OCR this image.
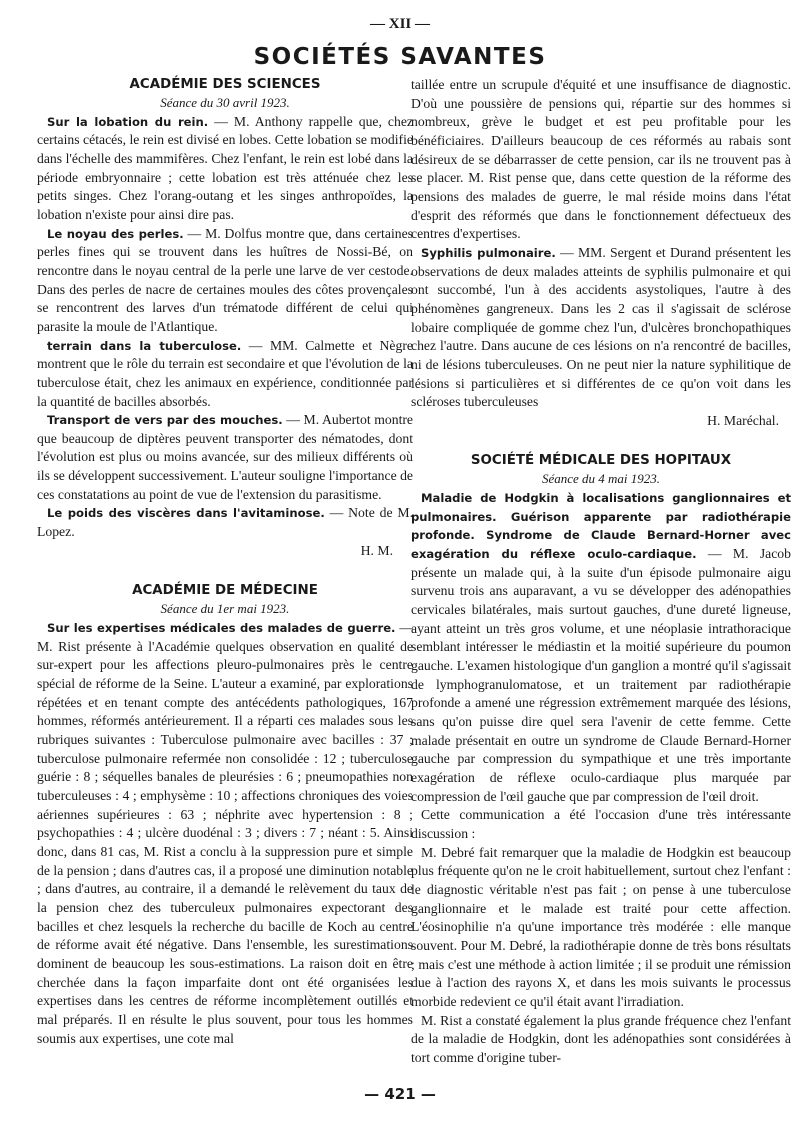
— XII —
SOCIÉTÉS SAVANTES

ACADÉMIE DES SCIENCES

Séance du 30 avril 1923.

Sur la lobation du rein. — M. Anthony rappelle que, chez certains cétacés, le rein est divisé en lobes. Cette lobation se modifie dans l'échelle des mammifères. Chez l'enfant, le rein est lobé dans la période embryonnaire ; cette lobation est très atténuée chez les petits singes. Chez l'orang-outang et les singes anthropoïdes, la lobation n'existe pour ainsi dire pas.

Le noyau des perles. — M. Dolfus montre que, dans certaines perles fines qui se trouvent dans les huîtres de Nossi-Bé, on rencontre dans le noyau central de la perle une larve de ver cestode. Dans des perles de nacre de certaines moules des côtes provençales se rencontrent des larves d'un trématode différent de celui qui parasite la moule de l'Atlantique.

terrain dans la tuberculose. — MM. Calmette et Nègre montrent que le rôle du terrain est secondaire et que l'évolution de la tuberculose était, chez les animaux en expérience, conditionnée par la quantité de bacilles absorbés.

Transport de vers par des mouches. — M. Aubertot montre que beaucoup de diptères peuvent transporter des nématodes, dont l'évolution est plus ou moins avancée, sur des milieux différents où ils se développent successivement. L'auteur souligne l'importance de ces constatations au point de vue de l'extension du parasitisme.

Le poids des viscères dans l'avitaminose. — Note de M. Lopez.

H. M.

ACADÉMIE DE MÉDECINE

Séance du 1er mai 1923.

Sur les expertises médicales des malades de guerre. — M. Rist présente à l'Académie quelques observation en qualité de sur-expert pour les affections pleuro-pulmonaires près le centre spécial de réforme de la Seine. L'auteur a examiné, par explorations répétées et en tenant compte des antécédents pathologiques, 167 hommes, réformés antérieurement. Il a réparti ces malades sous les rubriques suivantes : Tuberculose pulmonaire avec bacilles : 37 ; tuberculose pulmonaire refermée non consolidée : 12 ; tuberculose guérie : 8 ; séquelles banales de pleurésies : 6 ; pneumopathies non tuberculeuses : 4 ; emphysème : 10 ; affections chroniques des voies aériennes supérieures : 63 ; néphrite avec hypertension : 8 ; psychopathies : 4 ; ulcère duodénal : 3 ; divers : 7 ; néant : 5. Ainsi donc, dans 81 cas, M. Rist a conclu à la suppression pure et simple de la pension ; dans d'autres cas, il a proposé une diminution notable ; dans d'autres, au contraire, il a demandé le relèvement du taux de la pension chez des tuberculeux pulmonaires expectorant des bacilles et chez lesquels la recherche du bacille de Koch au centre de réforme avait été négative. Dans l'ensemble, les surestimations dominent de beaucoup les sous-estimations. La raison doit en être cherchée dans la façon imparfaite dont ont été organisées les expertises dans les centres de réforme incomplètement outillés et mal préparés. Il en résulte le plus souvent, pour tous les hommes soumis aux expertises, une cote mal

taillée entre un scrupule d'équité et une insuffisance de diagnostic. D'où une poussière de pensions qui, répartie sur des hommes si nombreux, grève le budget et est peu profitable pour les bénéficiaires. D'ailleurs beaucoup de ces réformés au rabais sont désireux de se débarrasser de cette pension, car ils ne trouvent pas à se placer. M. Rist pense que, dans cette question de la réforme des pensions des malades de guerre, le mal réside moins dans l'état d'esprit des réformés que dans le fonctionnement défectueux des centres d'expertises.

Syphilis pulmonaire. — MM. Sergent et Durand présentent les observations de deux malades atteints de syphilis pulmonaire et qui ont succombé, l'un à des accidents asystoliques, l'autre à des phénomènes gangreneux. Dans les 2 cas il s'agissait de sclérose lobaire compliquée de gomme chez l'un, d'ulcères bronchopathiques chez l'autre. Dans aucune de ces lésions on n'a rencontré de bacilles, ni de lésions tuberculeuses. On ne peut nier la nature syphilitique de lésions si particulières et si différentes de ce qu'on voit dans les scléroses tuberculeuses

H. Maréchal.

SOCIÉTÉ MÉDICALE DES HOPITAUX

Séance du 4 mai 1923.

Maladie de Hodgkin à localisations ganglionnaires et pulmonaires. Guérison apparente par radiothérapie profonde. Syndrome de Claude Bernard-Horner avec exagération du réflexe oculo-cardiaque. — M. Jacob présente un malade qui, à la suite d'un épisode pulmonaire aigu survenu trois ans auparavant, a vu se développer des adénopathies cervicales bilatérales, mais surtout gauches, d'une dureté ligneuse, ayant atteint un très gros volume, et une néoplasie intrathoracique semblant intéresser le médiastin et la moitié supérieure du poumon gauche. L'examen histologique d'un ganglion a montré qu'il s'agissait de lymphogranulomatose, et un traitement par radiothérapie profonde a amené une régression extrêmement marquée des lésions, sans qu'on puisse dire quel sera l'avenir de cette femme. Cette malade présentait en outre un syndrome de Claude Bernard-Horner gauche par compression du sympathique et une très importante exagération de réflexe oculo-cardiaque plus marquée par compression de l'œil gauche que par compression de l'œil droit.

Cette communication a été l'occasion d'une très intéressante discussion :

M. Debré fait remarquer que la maladie de Hodgkin est beaucoup plus fréquente qu'on ne le croit habituellement, surtout chez l'enfant : le diagnostic véritable n'est pas fait ; on pense à une tuberculose ganglionnaire et le malade est traité pour cette affection. L'éosinophilie n'a qu'une importance très modérée : elle manque souvent. Pour M. Debré, la radiothérapie donne de très bons résultats ; mais c'est une méthode à action limitée ; il se produit une rémission due à l'action des rayons X, et dans les mois suivants le processus morbide redevient ce qu'il était avant l'irradiation.

M. Rist a constaté également la plus grande fréquence chez l'enfant de la maladie de Hodgkin, dont les adénopathies sont considérées à tort comme d'origine tuber-

— 421 —
